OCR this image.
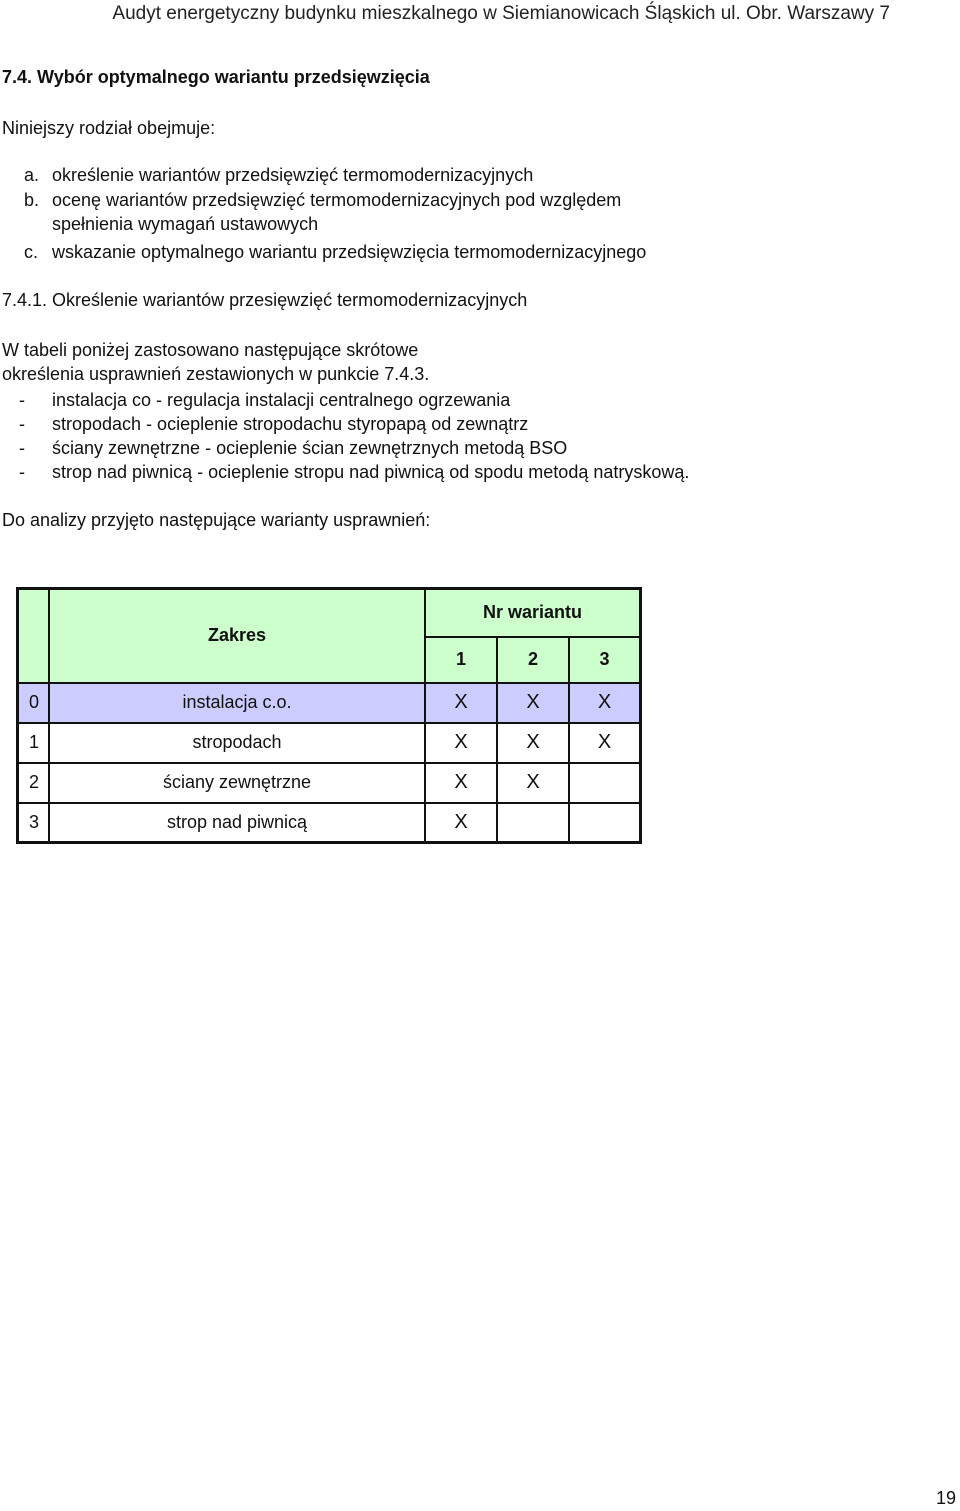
Audyt energetyczny budynku mieszkalnego w Siemianowicach Śląskich ul. Obr. Warszawy 7
7.4. Wybór optymalnego wariantu przedsięwzięcia
Niniejszy rodział obejmuje:
a. określenie wariantów przedsięwzięć termomodernizacyjnych
b. ocenę wariantów przedsięwzięć termomodernizacyjnych pod względem
spełnienia wymagań ustawowych
c. wskazanie optymalnego wariantu przedsięwzięcia termomodernizacyjnego
7.4.1. Określenie wariantów przesięwzięć termomodernizacyjnych
W tabeli poniżej zastosowano następujące skrótowe
określenia usprawnień zestawionych w punkcie 7.4.3.
- instalacja co - regulacja instalacji centralnego ogrzewania
- stropodach - ocieplenie stropodachu styropapą od zewnątrz
- ściany zewnętrzne - ocieplenie ścian zewnętrznych metodą BSO
- strop nad piwnicą - ocieplenie stropu nad piwnicą od spodu metodą natryskową.
Do analizy przyjęto następujące warianty usprawnień:
	Zakres	Nr wariantu		
		1	2	3
0	instalacja c.o.	X	X	X
1	stropodach	X	X	X
2	ściany zewnętrzne	X	X	
3	strop nad piwnicą	X		
19
